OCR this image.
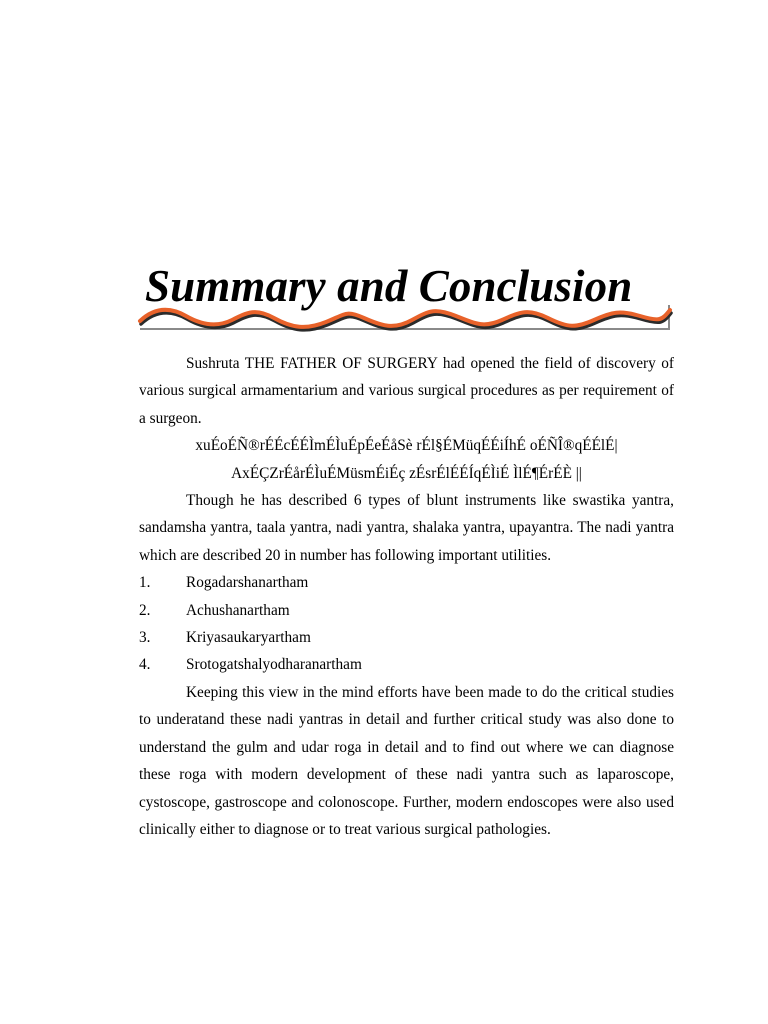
Summary and Conclusion

Sushruta THE FATHER OF SURGERY had opened the field of discovery of various surgical armamentarium and various surgical procedures as per requirement of a surgeon.

xuÉoÉÑ®rÉÉcÉÉÌmÉÌuÉpÉeÉåSè rÉl§ÉMüqÉÉiÍhÉ oÉÑÎ®qÉÉlÉ|

AxÉÇZrÉårÉÌuÉMüsmÉiÉç zÉsrÉlÉÉÍqÉÌiÉ ÌlÉ¶ÉrÉÈ ||

Though he has described 6 types of blunt instruments like swastika yantra, sandamsha yantra, taala yantra, nadi yantra, shalaka yantra, upayantra. The nadi yantra which are described 20 in number has following important utilities.

1.	Rogadarshanartham

2.	Achushanartham

3.	Kriyasaukaryartham

4.	Srotogatshalyodharanartham

Keeping this view in the mind efforts have been made to do the critical studies to underatand these nadi yantras in detail and further critical study was also done to understand the gulm and udar roga in detail and to find out where we can diagnose these roga with modern development of these nadi yantra such as laparoscope, cystoscope, gastroscope and colonoscope. Further, modern endoscopes were also used clinically either to diagnose or to treat various surgical pathologies.
